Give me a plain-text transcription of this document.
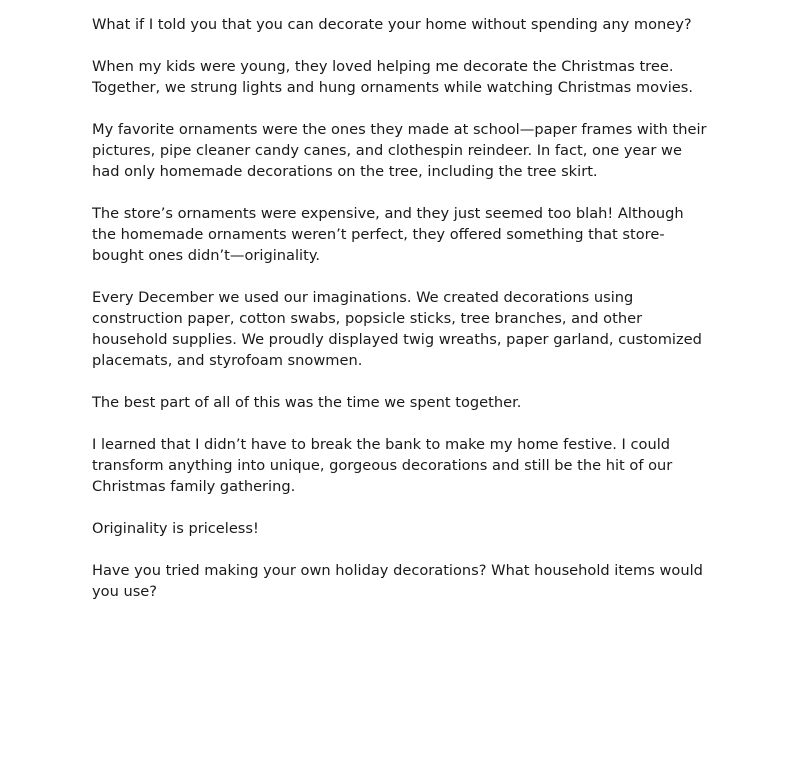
What if I told you that you can decorate your home without spending any money?

When my kids were young, they loved helping me decorate the Christmas tree.
Together, we strung lights and hung ornaments while watching Christmas movies.

My favorite ornaments were the ones they made at school—paper frames with their
pictures, pipe cleaner candy canes, and clothespin reindeer. In fact, one year we
had only homemade decorations on the tree, including the tree skirt.

The store’s ornaments were expensive, and they just seemed too blah! Although
the homemade ornaments weren’t perfect, they offered something that store-
bought ones didn’t—originality.

Every December we used our imaginations. We created decorations using
construction paper, cotton swabs, popsicle sticks, tree branches, and other
household supplies. We proudly displayed twig wreaths, paper garland, customized
placemats, and styrofoam snowmen.

The best part of all of this was the time we spent together.

I learned that I didn’t have to break the bank to make my home festive. I could
transform anything into unique, gorgeous decorations and still be the hit of our
Christmas family gathering.

Originality is priceless!

Have you tried making your own holiday decorations? What household items would
you use?
